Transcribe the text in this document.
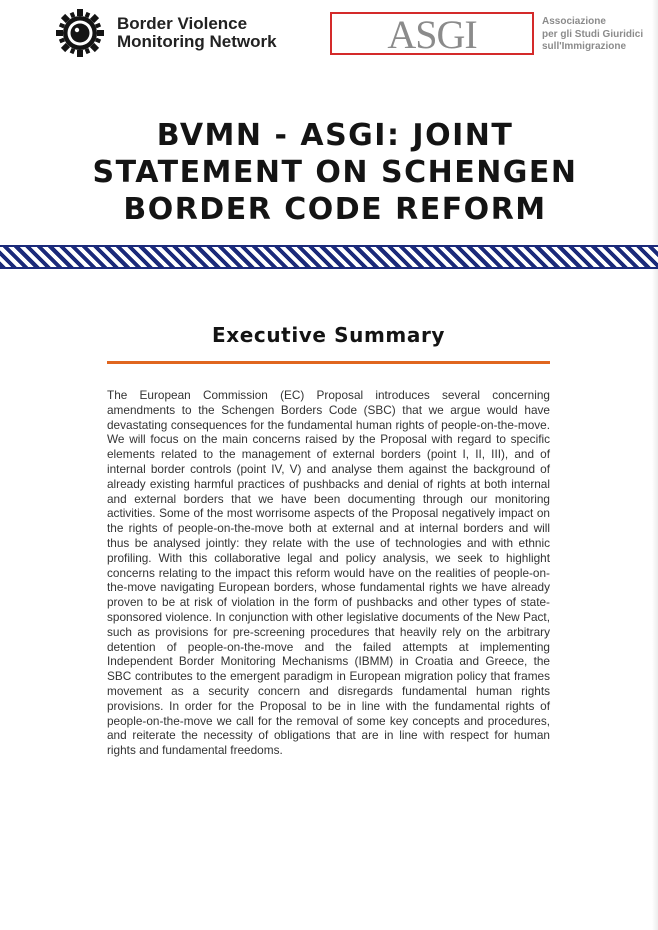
Border Violence
Monitoring Network	ASGI	Associazione
per gli Studi Giuridici
sull'Immigrazione
BVMN - ASGI: JOINT
STATEMENT ON SCHENGEN
BORDER CODE REFORM
Executive Summary

The European Commission (EC) Proposal introduces several concerning amendments to the Schengen Borders Code (SBC) that we argue would have devastating consequences for the fundamental human rights of people-on-the-move. We will focus on the main concerns raised by the Proposal with regard to specific elements related to the management of external borders (point I, II, III), and of internal border controls (point IV, V) and analyse them against the background of already existing harmful practices of pushbacks and denial of rights at both internal and external borders that we have been documenting through our monitoring activities. Some of the most worrisome aspects of the Proposal negatively impact on the rights of people-on-the-move both at external and at internal borders and will thus be analysed jointly: they relate with the use of technologies and with ethnic profiling. With this collaborative legal and policy analysis, we seek to highlight concerns relating to the impact this reform would have on the realities of people-on-the-move navigating European borders, whose fundamental rights we have already proven to be at risk of violation in the form of pushbacks and other types of state-sponsored violence. In conjunction with other legislative documents of the New Pact, such as provisions for pre-screening procedures that heavily rely on the arbitrary detention of people-on-the-move and the failed attempts at implementing Independent Border Monitoring Mechanisms (IBMM) in Croatia and Greece, the SBC contributes to the emergent paradigm in European migration policy that frames movement as a security concern and disregards fundamental human rights provisions. In order for the Proposal to be in line with the fundamental rights of people-on-the-move we call for the removal of some key concepts and procedures, and reiterate the necessity of obligations that are in line with respect for human rights and fundamental freedoms.
